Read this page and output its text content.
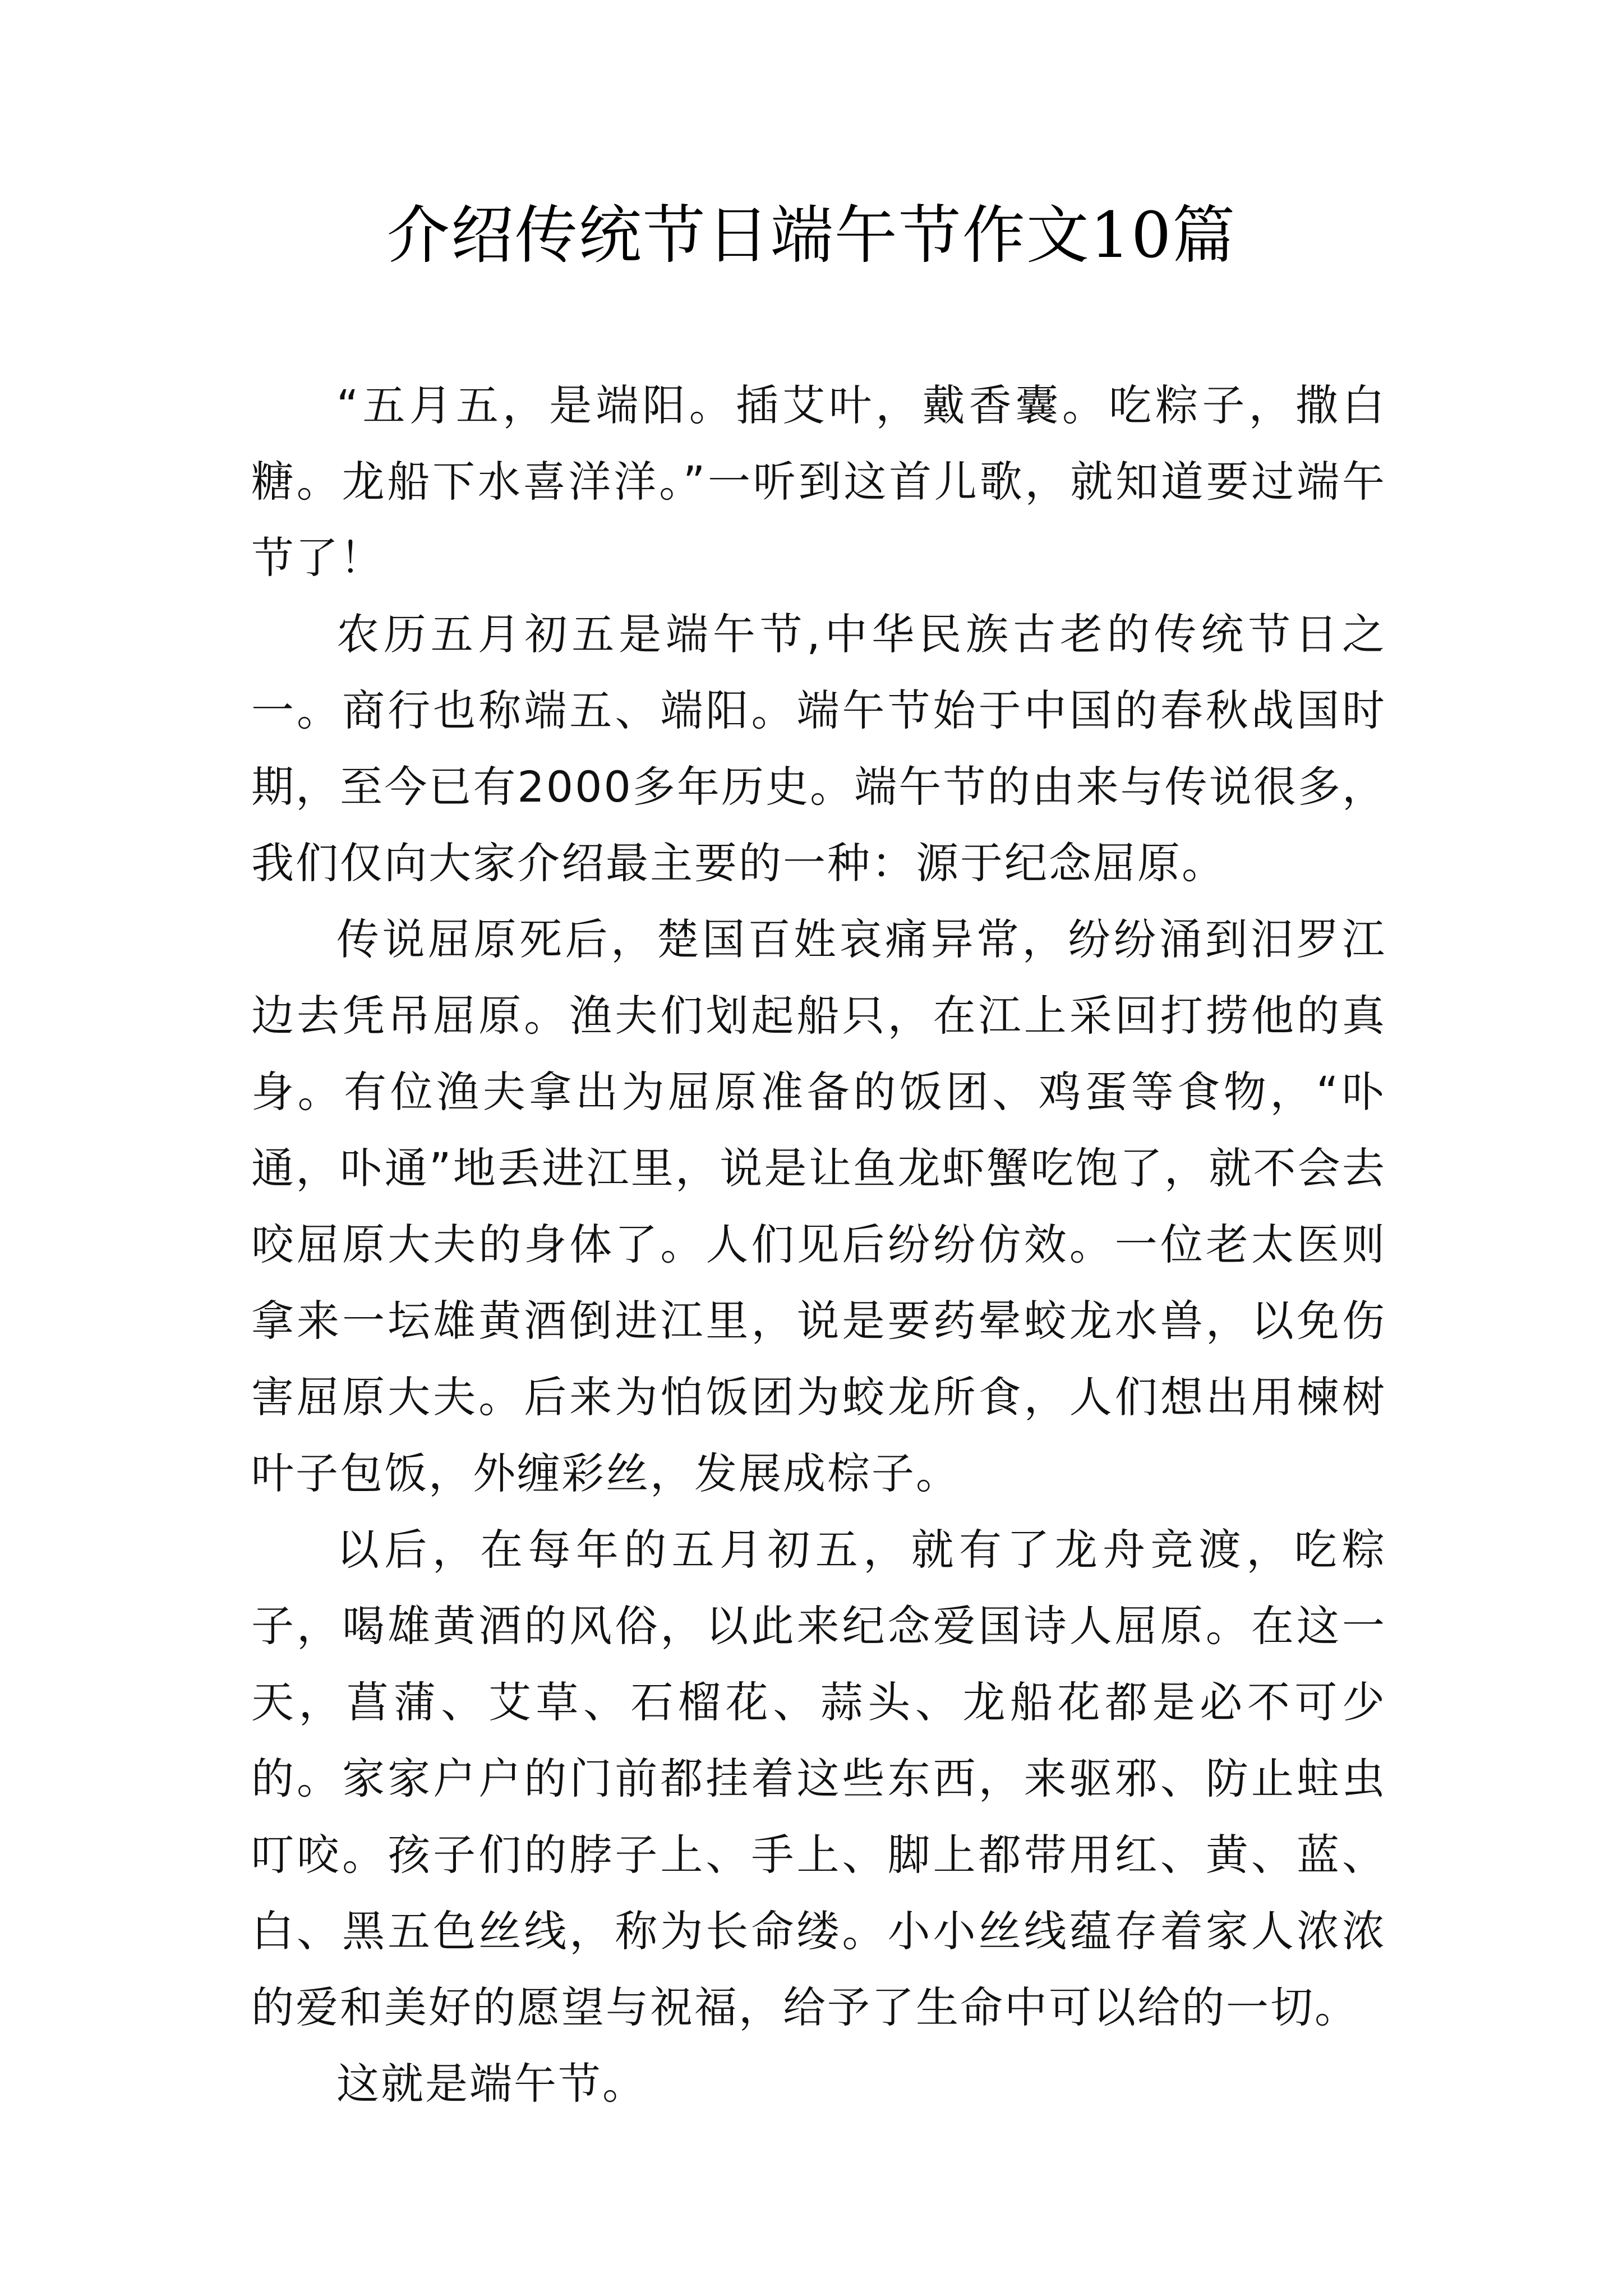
介绍传统节日端午节作文10篇

“五月五，是端阳。插艾叶，戴香囊。吃粽子，撒白糖。龙船下水喜洋洋。”一听到这首儿歌，就知道要过端午节了！

农历五月初五是端午节,中华民族古老的传统节日之一。商行也称端五、端阳。端午节始于中国的春秋战国时期，至今已有2000多年历史。端午节的由来与传说很多，我们仅向大家介绍最主要的一种：源于纪念屈原。

传说屈原死后，楚国百姓哀痛异常，纷纷涌到汨罗江边去凭吊屈原。渔夫们划起船只，在江上采回打捞他的真身。有位渔夫拿出为屈原准备的饭团、鸡蛋等食物，“卟通，卟通”地丢进江里，说是让鱼龙虾蟹吃饱了，就不会去咬屈原大夫的身体了。人们见后纷纷仿效。一位老太医则拿来一坛雄黄酒倒进江里，说是要药晕蛟龙水兽，以免伤害屈原大夫。后来为怕饭团为蛟龙所食，人们想出用楝树叶子包饭，外缠彩丝，发展成棕子。

以后，在每年的五月初五，就有了龙舟竞渡，吃粽子，喝雄黄酒的风俗，以此来纪念爱国诗人屈原。在这一天，菖蒲、艾草、石榴花、蒜头、龙船花都是必不可少的。家家户户的门前都挂着这些东西，来驱邪、防止蛀虫叮咬。孩子们的脖子上、手上、脚上都带用红、黄、蓝、白、黑五色丝线，称为长命缕。小小丝线蕴存着家人浓浓的爱和美好的愿望与祝福，给予了生命中可以给的一切。

这就是端午节。
